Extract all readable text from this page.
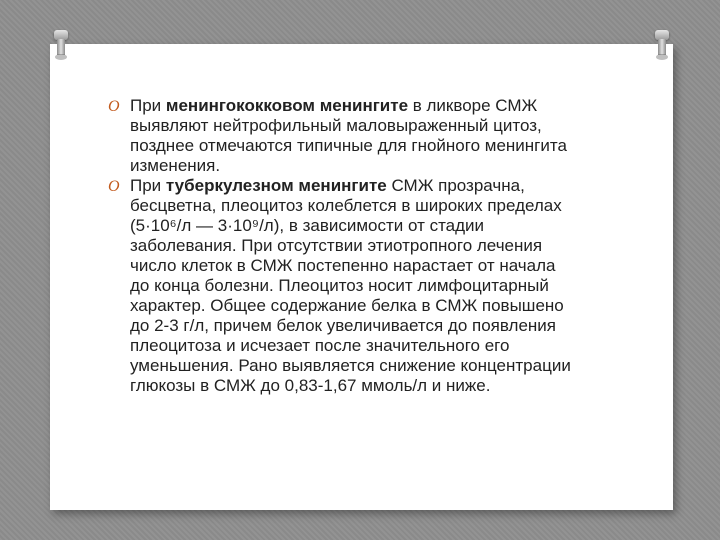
O При менингококковом менингите в ликворе СМЖ выявляют нейтрофильный маловыраженный цитоз, позднее отмечаются типичные для гнойного менингита изменения.
O При туберкулезном менингите СМЖ прозрачна, бесцветна, плеоцитоз колеблется в широких пределах (5·10⁶/л — 3·10⁹/л), в зависимости от стадии заболевания. При отсутствии этиотропного лечения число клеток в СМЖ постепенно нарастает от начала до конца болезни. Плеоцитоз носит лимфоцитарный характер. Общее содержание белка в СМЖ повышено до 2-3 г/л, причем белок увеличивается до появления плеоцитоза и исчезает после значительного его уменьшения. Рано выявляется снижение концентрации глюкозы в СМЖ до 0,83-1,67 ммоль/л и ниже.
